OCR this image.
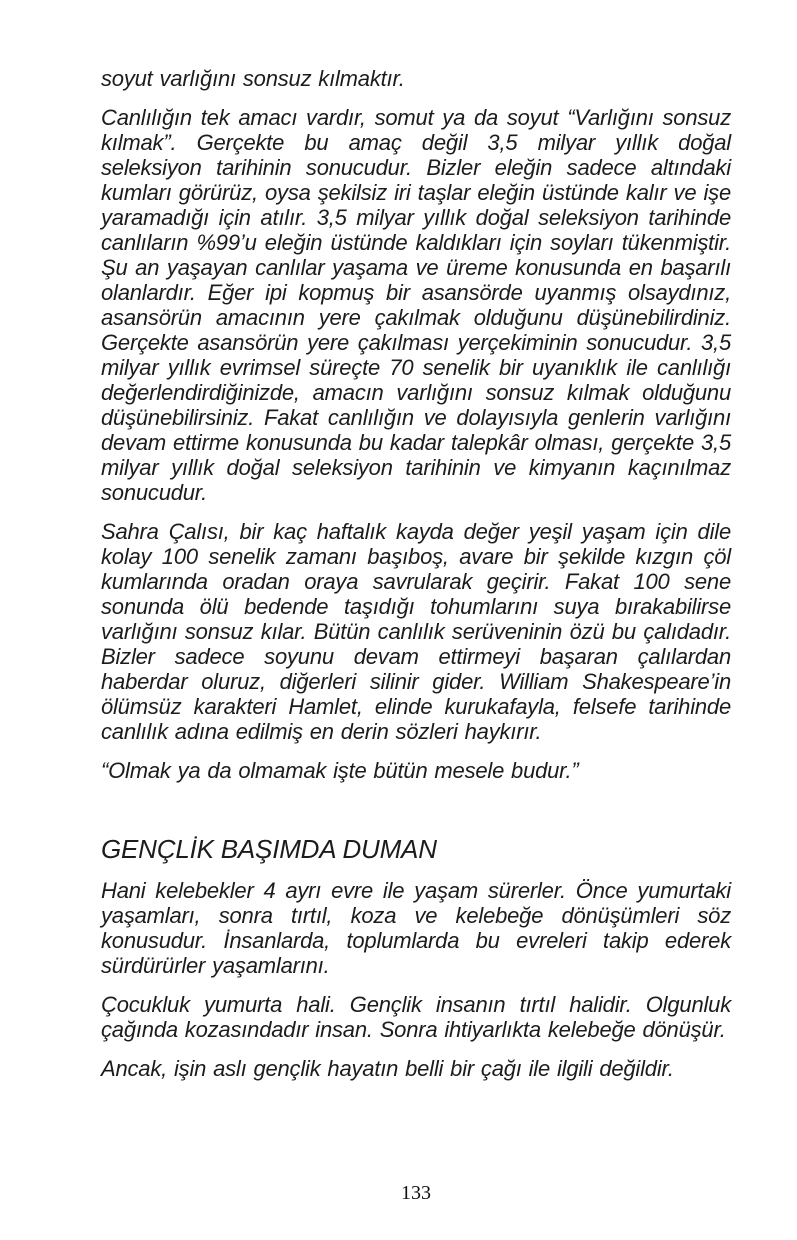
soyut varlığını sonsuz kılmaktır.

Canlılığın tek amacı vardır, somut ya da soyut “Varlığını sonsuz kılmak”. Gerçekte bu amaç değil 3,5 milyar yıllık doğal seleksiyon tarihinin sonucudur. Bizler eleğin sadece altındaki kumları görürüz, oysa şekilsiz iri taşlar eleğin üstünde kalır ve işe yaramadığı için atılır. 3,5 milyar yıllık doğal seleksiyon tarihinde canlıların %99’u eleğin üstünde kaldıkları için soyları tükenmiştir. Şu an yaşayan canlılar yaşama ve üreme konusunda en başarılı olanlardır. Eğer ipi kopmuş bir asansörde uyanmış olsaydınız, asansörün amacının yere çakılmak olduğunu düşünebilirdiniz. Gerçekte asansörün yere çakılması yerçekiminin sonucudur. 3,5 milyar yıllık evrimsel süreçte 70 senelik bir uyanıklık ile canlılığı değerlendirdiğinizde, amacın varlığını sonsuz kılmak olduğunu düşünebilirsiniz. Fakat canlılığın ve dolayısıyla genlerin varlığını devam ettirme konusunda bu kadar talepkâr olması, gerçekte 3,5 milyar yıllık doğal seleksiyon tarihinin ve kimyanın kaçınılmaz sonucudur.

Sahra Çalısı, bir kaç haftalık kayda değer yeşil yaşam için dile kolay 100 senelik zamanı başıboş, avare bir şekilde kızgın çöl kumlarında oradan oraya savrularak geçirir. Fakat 100 sene sonunda ölü bedende taşıdığı tohumlarını suya bırakabilirse varlığını sonsuz kılar. Bütün canlılık serüveninin özü bu çalıdadır. Bizler sadece soyunu devam ettirmeyi başaran çalılardan haberdar oluruz, diğerleri silinir gider. William Shakespeare’in ölümsüz karakteri Hamlet, elinde kurukafayla, felsefe tarihinde canlılık adına edilmiş en derin sözleri haykırır.

“Olmak ya da olmamak işte bütün mesele budur.”

GENÇLİK BAŞIMDA DUMAN

Hani kelebekler 4 ayrı evre ile yaşam sürerler. Önce yumurtaki yaşamları, sonra tırtıl, koza ve kelebeğe dönüşümleri söz konusudur. İnsanlarda, toplumlarda bu evreleri takip ederek sürdürürler yaşamlarını.

Çocukluk yumurta hali. Gençlik insanın tırtıl halidir. Olgunluk çağında kozasındadır insan. Sonra ihtiyarlıkta kelebeğe dönüşür.

Ancak, işin aslı gençlik hayatın belli bir çağı ile ilgili değildir.

133
